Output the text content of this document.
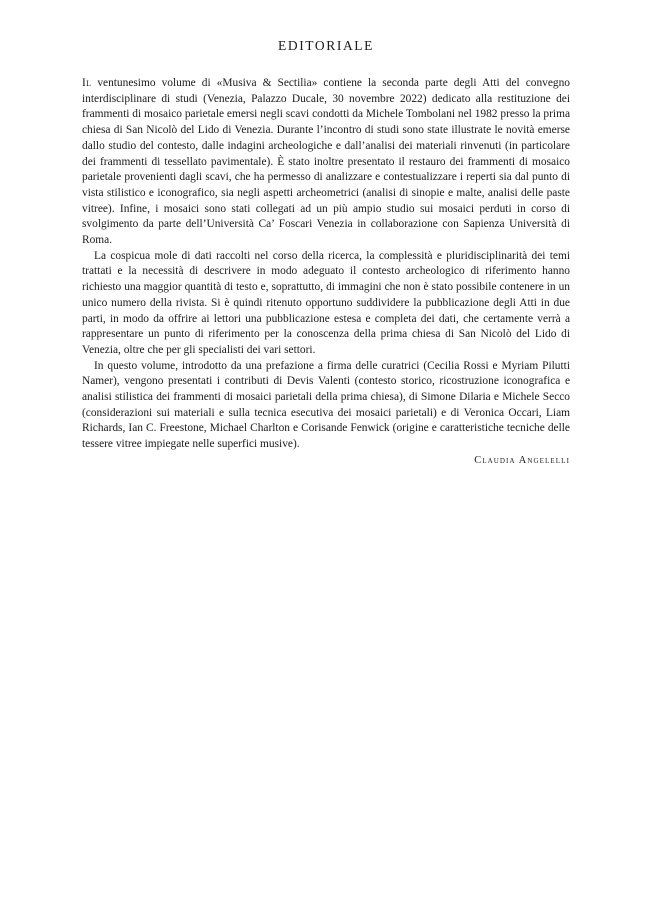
EDITORIALE

Il ventunesimo volume di «Musiva & Sectilia» contiene la seconda parte degli Atti del convegno interdisciplinare di studi (Venezia, Palazzo Ducale, 30 novembre 2022) dedicato alla restituzione dei frammenti di mosaico parietale emersi negli scavi condotti da Michele Tombolani nel 1982 presso la prima chiesa di San Nicolò del Lido di Venezia. Durante l’incontro di studi sono state illustrate le novità emerse dallo studio del contesto, dalle indagini archeologiche e dall’analisi dei materiali rinvenuti (in particolare dei frammenti di tessellato pavimentale). È stato inoltre presentato il restauro dei frammenti di mosaico parietale provenienti dagli scavi, che ha permesso di analizzare e contestualizzare i reperti sia dal punto di vista stilistico e iconografico, sia negli aspetti archeometrici (analisi di sinopie e malte, analisi delle paste vitree). Infine, i mosaici sono stati collegati ad un più ampio studio sui mosaici perduti in corso di svolgimento da parte dell’Università Ca’ Foscari Venezia in collaborazione con Sapienza Università di Roma.

La cospicua mole di dati raccolti nel corso della ricerca, la complessità e pluridisciplinarità dei temi trattati e la necessità di descrivere in modo adeguato il contesto archeologico di riferimento hanno richiesto una maggior quantità di testo e, soprattutto, di immagini che non è stato possibile contenere in un unico numero della rivista. Si è quindi ritenuto opportuno suddividere la pubblicazione degli Atti in due parti, in modo da offrire ai lettori una pubblicazione estesa e completa dei dati, che certamente verrà a rappresentare un punto di riferimento per la conoscenza della prima chiesa di San Nicolò del Lido di Venezia, oltre che per gli specialisti dei vari settori.

In questo volume, introdotto da una prefazione a firma delle curatrici (Cecilia Rossi e Myriam Pilutti Namer), vengono presentati i contributi di Devis Valenti (contesto storico, ricostruzione iconografica e analisi stilistica dei frammenti di mosaici parietali della prima chiesa), di Simone Dilaria e Michele Secco (considerazioni sui materiali e sulla tecnica esecutiva dei mosaici parietali) e di Veronica Occari, Liam Richards, Ian C. Freestone, Michael Charlton e Corisande Fenwick (origine e caratteristiche tecniche delle tessere vitree impiegate nelle superfici musive).

Claudia Angelelli
